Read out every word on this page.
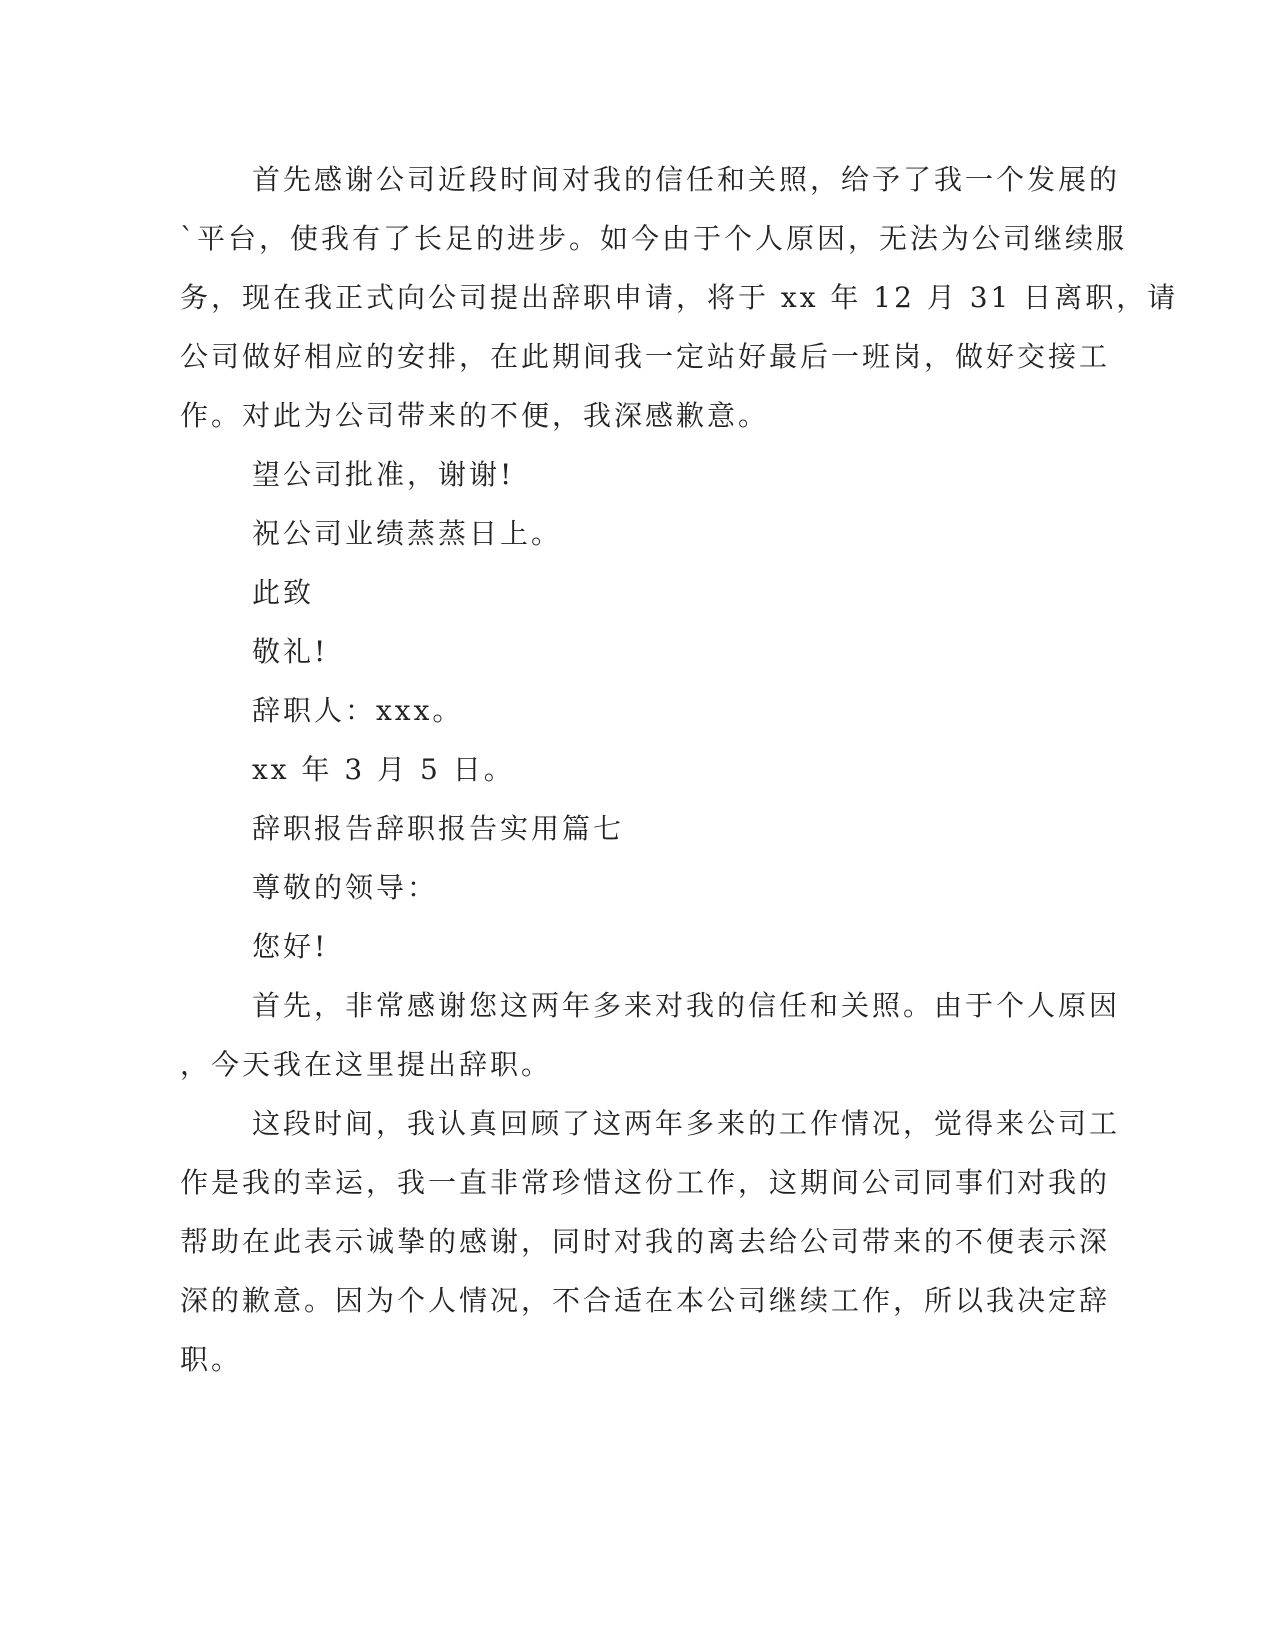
首先感谢公司近段时间对我的信任和关照，给予了我一个发展的
`平台，使我有了长足的进步。如今由于个人原因，无法为公司继续服
务，现在我正式向公司提出辞职申请，将于 xx 年 12 月 31 日离职，请
公司做好相应的安排，在此期间我一定站好最后一班岗，做好交接工
作。对此为公司带来的不便，我深感歉意。
望公司批准，谢谢!
祝公司业绩蒸蒸日上。
此致
敬礼!
辞职人：xxx。
xx 年 3 月 5 日。
辞职报告辞职报告实用篇七
尊敬的领导：
您好!
首先，非常感谢您这两年多来对我的信任和关照。由于个人原因
，今天我在这里提出辞职。
这段时间，我认真回顾了这两年多来的工作情况，觉得来公司工
作是我的幸运，我一直非常珍惜这份工作，这期间公司同事们对我的
帮助在此表示诚挚的感谢，同时对我的离去给公司带来的不便表示深
深的歉意。因为个人情况，不合适在本公司继续工作，所以我决定辞
职。
